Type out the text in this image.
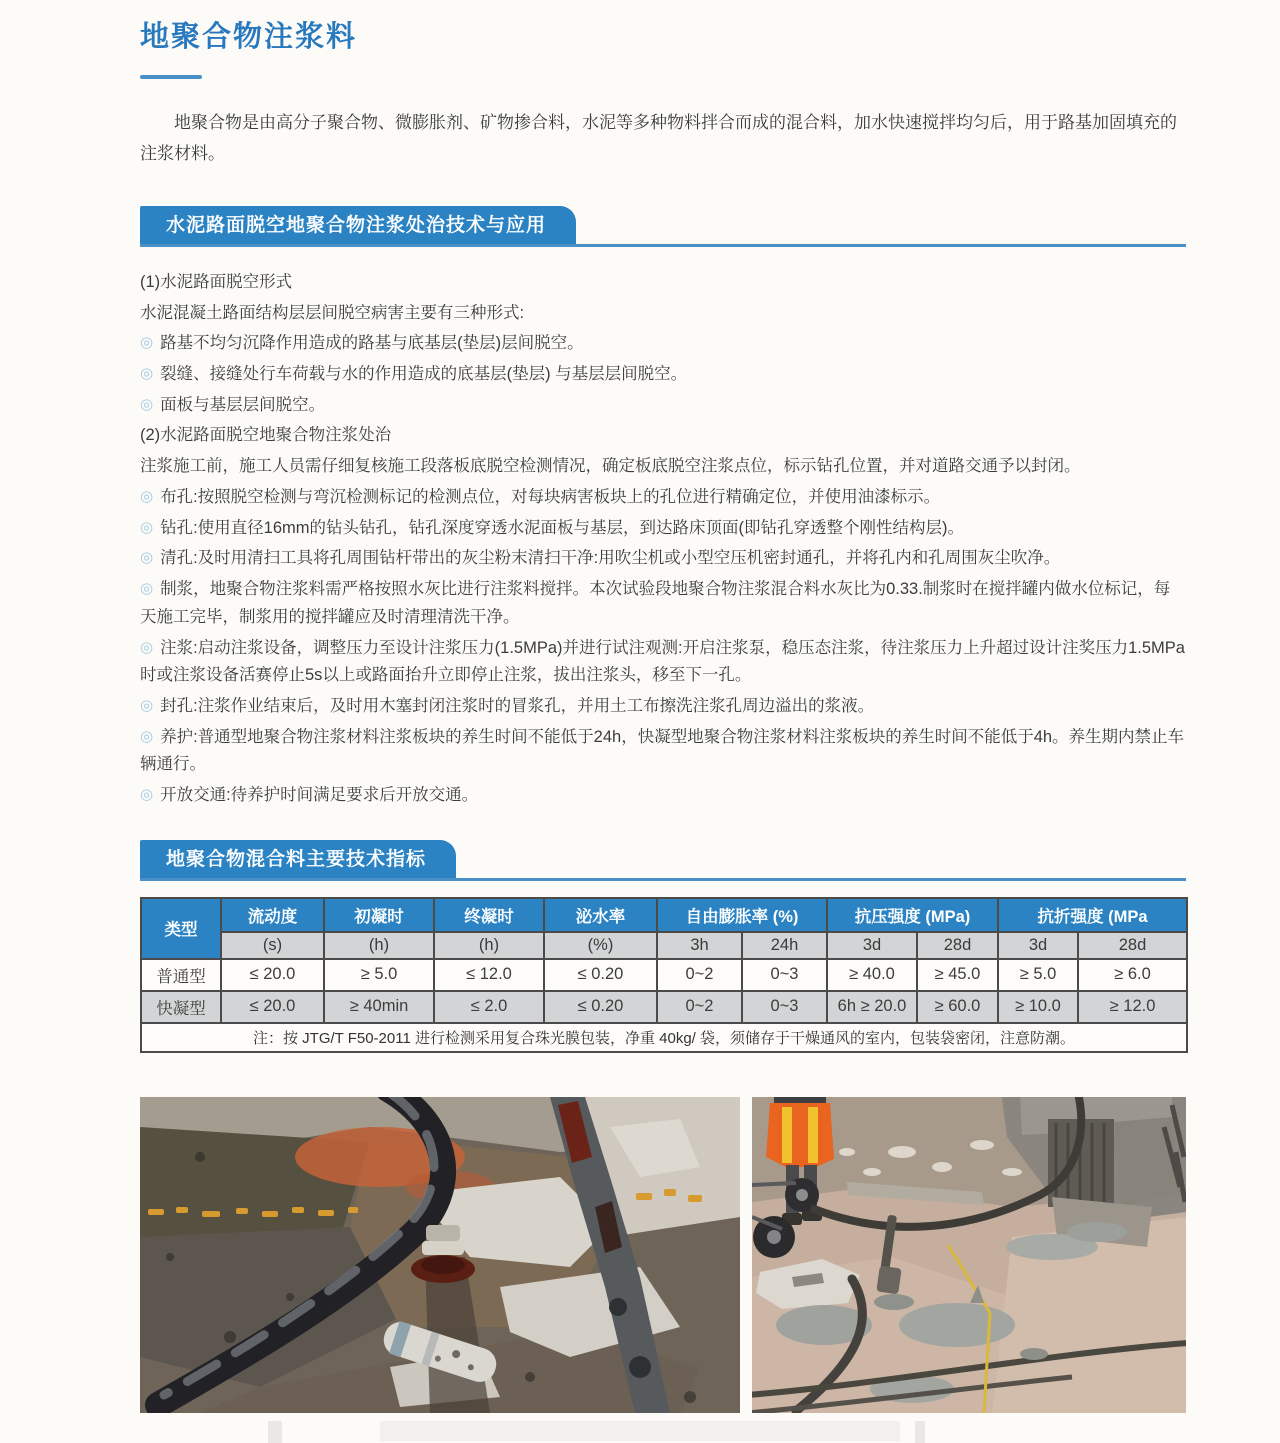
地聚合物注浆料

地聚合物是由高分子聚合物、微膨胀剂、矿物掺合料，水泥等多种物料拌合而成的混合料，加水快速搅拌均匀后，用于路基加固填充的注浆材料。

水泥路面脱空地聚合物注浆处治技术与应用
(1)水泥路面脱空形式
水泥混凝土路面结构层层间脱空病害主要有三种形式:
◎ 路基不均匀沉降作用造成的路基与底基层(垫层)层间脱空。
◎ 裂缝、接缝处行车荷载与水的作用造成的底基层(垫层) 与基层层间脱空。
◎ 面板与基层层间脱空。
(2)水泥路面脱空地聚合物注浆处治
注浆施工前，施工人员需仔细复核施工段落板底脱空检测情况，确定板底脱空注浆点位，标示钻孔位置，并对道路交通予以封闭。
◎ 布孔:按照脱空检测与弯沉检测标记的检测点位，对每块病害板块上的孔位进行精确定位，并使用油漆标示。
◎ 钻孔:使用直径16mm的钻头钻孔，钻孔深度穿透水泥面板与基层，到达路床顶面(即钻孔穿透整个刚性结构层)。
◎ 清孔:及时用清扫工具将孔周围钻杆带出的灰尘粉末清扫干净:用吹尘机或小型空压机密封通孔，并将孔内和孔周围灰尘吹净。
◎ 制浆，地聚合物注浆料需严格按照水灰比进行注浆料搅拌。本次试验段地聚合物注浆混合料水灰比为0.33.制浆时在搅拌罐内做水位标记，每天施工完毕，制浆用的搅拌罐应及时清理清洗干净。
◎ 注浆:启动注浆设备，调整压力至设计注浆压力(1.5MPa)并进行试注观测:开启注浆泵，稳压态注浆，待注浆压力上升超过设计注奖压力1.5MPa时或注浆设备活赛停止5s以上或路面抬升立即停止注浆，拔出注浆头，移至下一孔。
◎ 封孔:注浆作业结束后，及时用木塞封闭注浆时的冒浆孔，并用土工布擦洗注浆孔周边溢出的浆液。
◎ 养护:普通型地聚合物注浆材料注浆板块的养生时间不能低于24h，快凝型地聚合物注浆材料注浆板块的养生时间不能低于4h。养生期内禁止车辆通行。
◎ 开放交通:待养护时间满足要求后开放交通。
地聚合物混合料主要技术指标
类型	流动度	初凝时	终凝时	泌水率	自由膨胀率 (%)		抗压强度 (MPa)		抗折强度 (MPa	
	(s)	(h)	(h)	(%)	3h	24h	3d	28d	3d	28d
普通型	≤ 20.0	≥ 5.0	≤ 12.0	≤ 0.20	0~2	0~3	≥ 40.0	≥ 45.0	≥ 5.0	≥ 6.0
快凝型	≤ 20.0	≥ 40min	≤ 2.0	≤ 0.20	0~2	0~3	6h ≥ 20.0	≥ 60.0	≥ 10.0	≥ 12.0
注：按 JTG/T F50-2011 进行检测采用复合珠光膜包装，净重 40kg/ 袋，须储存于干燥通风的室内，包装袋密闭，注意防潮。										
